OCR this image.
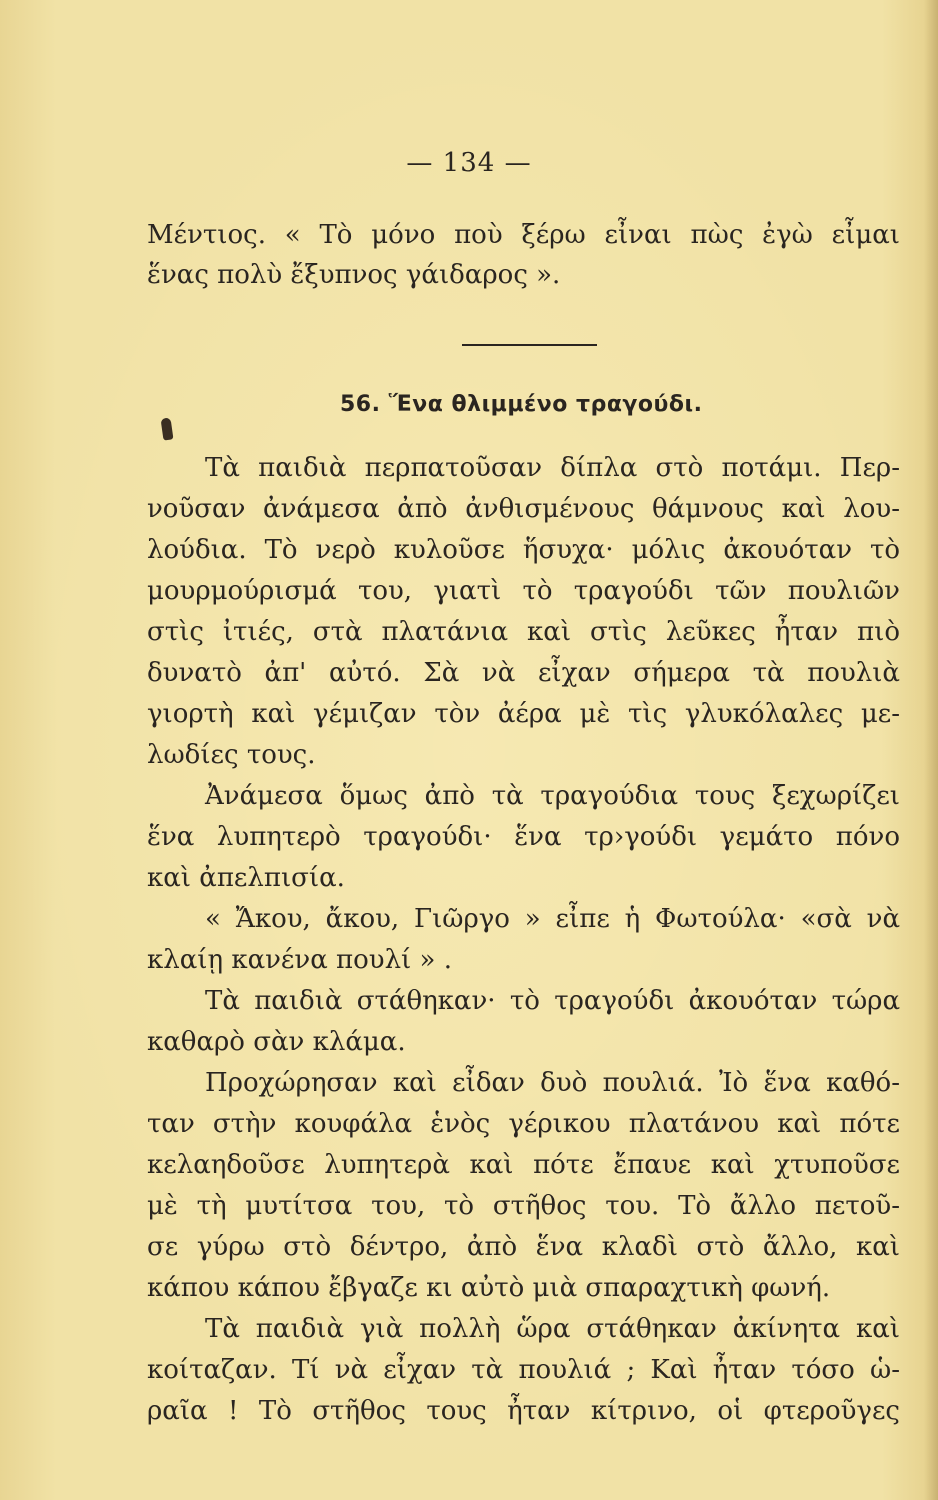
— 134 —
Μέντιος. « Τὸ μόνο ποὺ ξέρω εἶναι πὼς ἐγὼ εἶμαι
ἕνας πολὺ ἔξυπνος γάιδαρος ».
56. Ἕνα θλιμμένο τραγούδι.
Τὰ παιδιὰ περπατοῦσαν δίπλα στὸ ποτάμι. Περ-
νοῦσαν ἀνάμεσα ἀπὸ ἀνθισμένους θάμνους καὶ λου-
λούδια. Τὸ νερὸ κυλοῦσε ἥσυχα· μόλις ἀκουόταν τὸ
μουρμούρισμά του, γιατὶ τὸ τραγούδι τῶν πουλιῶν
στὶς ἰτιές, στὰ πλατάνια καὶ στὶς λεῦκες ἦταν πιὸ
δυνατὸ ἀπ' αὐτό. Σὰ νὰ εἶχαν σήμερα τὰ πουλιὰ
γιορτὴ καὶ γέμιζαν τὸν ἀέρα μὲ τὶς γλυκόλαλες με-
λωδίες τους.
Ἀνάμεσα ὅμως ἀπὸ τὰ τραγούδια τους ξεχωρίζει
ἕνα λυπητερὸ τραγούδι· ἕνα τρ›γούδι γεμάτο πόνο
καὶ ἀπελπισία.
« Ἄκου, ἄκου, Γιῶργο » εἶπε ἡ Φωτούλα· «σὰ νὰ
κλαίῃ κανένα πουλί » .
Τὰ παιδιὰ στάθηκαν· τὸ τραγούδι ἀκουόταν τώρα
καθαρὸ σὰν κλάμα.
Προχώρησαν καὶ εἶδαν δυὸ πουλιά. Ἰὸ ἕνα καθό-
ταν στὴν κουφάλα ἑνὸς γέρικου πλατάνου καὶ πότε
κελαηδοῦσε λυπητερὰ καὶ πότε ἔπαυε καὶ χτυποῦσε
μὲ τὴ μυτίτσα του, τὸ στῆθος του. Τὸ ἄλλο πετοῦ-
σε γύρω στὸ δέντρο, ἀπὸ ἕνα κλαδὶ στὸ ἄλλο, καὶ
κάπου κάπου ἔβγαζε κι αὐτὸ μιὰ σπαραχτικὴ φωνή.
Τὰ παιδιὰ γιὰ πολλὴ ὥρα στάθηκαν ἀκίνητα καὶ
κοίταζαν. Τί νὰ εἶχαν τὰ πουλιά ; Καὶ ἦταν τόσο ὡ-
ραῖα ! Τὸ στῆθος τους ἦταν κίτρινο, οἱ φτεροῦγες
